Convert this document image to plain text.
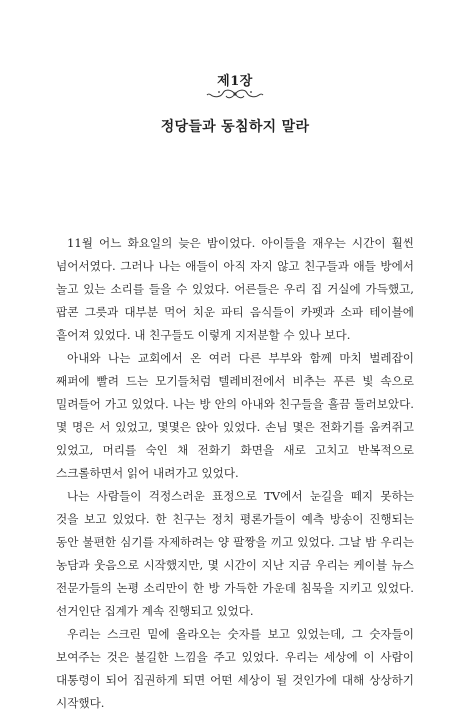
제1장
정당들과 동침하지 말라

11월 어느 화요일의 늦은 밤이었다. 아이들을 재우는 시간이 훨씬 넘어서였다. 그러나 나는 애들이 아직 자지 않고 친구들과 애들 방에서 놀고 있는 소리를 들을 수 있었다. 어른들은 우리 집 거실에 가득했고, 팝콘 그릇과 대부분 먹어 치운 파티 음식들이 카펫과 소파 테이블에 흩어져 있었다. 내 친구들도 이렇게 지저분할 수 있나 보다.

아내와 나는 교회에서 온 여러 다른 부부와 함께 마치 벌레잡이 째퍼에 빨려 드는 모기들처럼 텔레비전에서 비추는 푸른 빛 속으로 밀려들어 가고 있었다. 나는 방 안의 아내와 친구들을 흘끔 둘러보았다. 몇 명은 서 있었고, 몇몇은 앉아 있었다. 손님 몇은 전화기를 움켜쥐고 있었고, 머리를 숙인 채 전화기 화면을 새로 고치고 반복적으로 스크롤하면서 읽어 내려가고 있었다.

나는 사람들이 걱정스러운 표정으로 TV에서 눈길을 떼지 못하는 것을 보고 있었다. 한 친구는 정치 평론가들이 예측 방송이 진행되는 동안 불편한 심기를 자제하려는 양 팔짱을 끼고 있었다. 그날 밤 우리는 농담과 웃음으로 시작했지만, 몇 시간이 지난 지금 우리는 케이블 뉴스 전문가들의 논평 소리만이 한 방 가득한 가운데 침묵을 지키고 있었다. 선거인단 집계가 계속 진행되고 있었다.

우리는 스크린 밑에 올라오는 숫자를 보고 있었는데, 그 숫자들이 보여주는 것은 불길한 느낌을 주고 있었다. 우리는 세상에 이 사람이 대통령이 되어 집권하게 되면 어떤 세상이 될 것인가에 대해 상상하기 시작했다.
